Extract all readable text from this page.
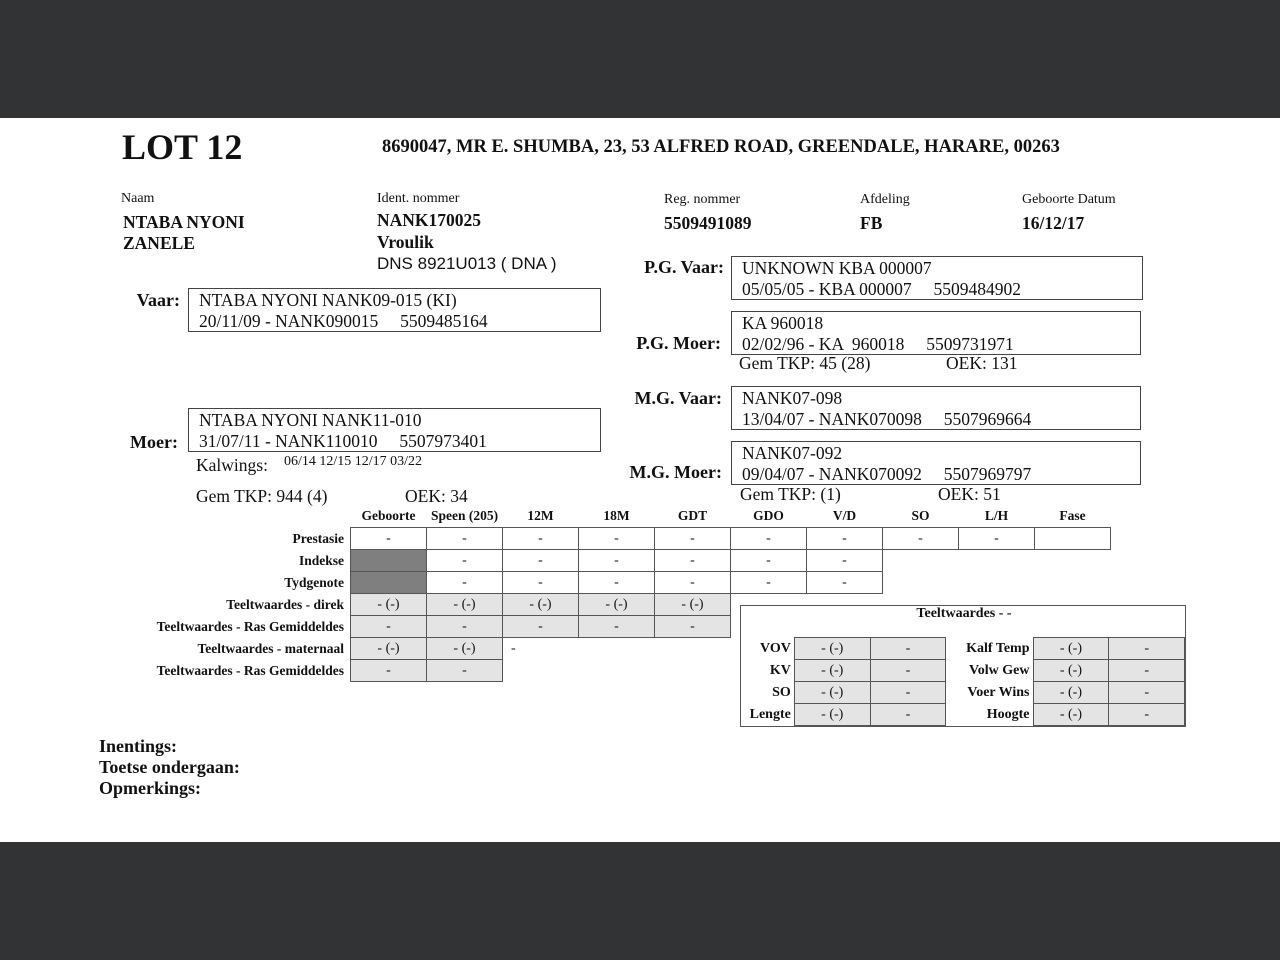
LOT 12	8690047, MR E. SHUMBA, 23, 53 ALFRED ROAD, GREENDALE, HARARE, 00263
Naam
NTABA NYONI
ZANELE
Ident. nommer
NANK170025
Vroulik
DNS 8921U013 ( DNA )
Reg. nommer
5509491089
Afdeling
FB
Geboorte Datum
16/12/17
Vaar: NTABA NYONI NANK09-015 (KI)
20/11/09 - NANK090015     5509485164
Moer:
NTABA NYONI NANK11-010
31/07/11 - NANK110010     5507973401
Kalwings: 06/14 12/15 12/17 03/22
Gem TKP: 944 (4)	OEK: 34
P.G. Vaar: UNKNOWN KBA 000007
05/05/05 - KBA 000007     5509484902
P.G. Moer:
KA 960018
02/02/96 - KA  960018     5509731971
Gem TKP: 45 (28)	OEK: 131
M.G. Vaar: NANK07-098
13/04/07 - NANK070098     5507969664
M.G. Moer:
NANK07-092
09/04/07 - NANK070092     5507969797
Gem TKP: (1)	OEK: 51
	Geboorte	Speen (205)	12M	18M	GDT	GDO	V/D	SO	L/H	Fase
Prestasie	-	-	-	-	-	-	-	-	-	
Indekse		-	-	-	-	-	-			
Tydgenote		-	-	-	-	-	-			
Teeltwaardes - direk	- (-)	- (-)	- (-)	- (-)	- (-)					
Teeltwaardes - Ras Gemiddeldes	-	-	-	-	-					
Teeltwaardes - maternaal	- (-)	- (-)	-							
Teeltwaardes - Ras Gemiddeldes	-	-								
Teeltwaardes - -
VOV	- (-)	-	Kalf Temp	- (-)	-
KV	- (-)	-	Volw Gew	- (-)	-
SO	- (-)	-	Voer Wins	- (-)	-
Lengte	- (-)	-	Hoogte	- (-)	-
Inentings:
Toetse ondergaan:
Opmerkings:
